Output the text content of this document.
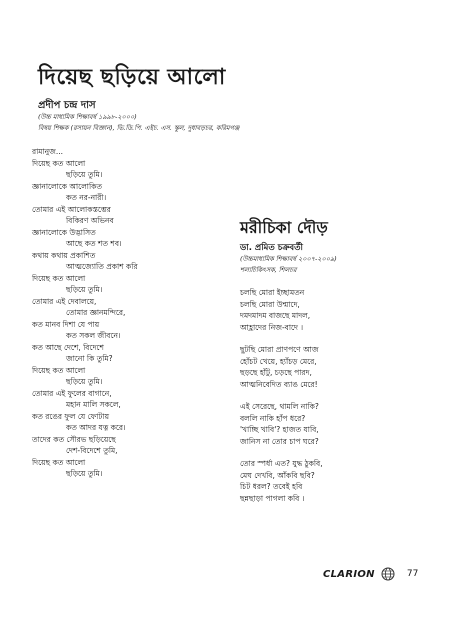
দিয়েছ ছড়িয়ে আলো
প্রদীপ চন্দ্র দাস
(উচ্চ মাধ্যমিক শিক্ষাবর্ষ ১৯৯৮-২০০০)
বিষয় শিক্ষক (রসায়ন বিজ্ঞান), ভি.ডি.পি. এইচ. এস. স্কুল, দুধাবড়চর, করিমগঞ্জ
রামানুজ...
দিয়েছ কত আলো
ছড়িয়ে তুমি।
জ্ঞানালোকে আলোকিত
কত নর-নারী।
তোমার এই আলোকস্তম্ভের
বিকিরণ অভিনব
জ্ঞানালোকে উদ্ভাসিত
আছে কত শত শব।
কথায় কথায় প্রকাশিত
আত্মজ্যোতি প্রকাশ করি
দিয়েছ কত আলো
ছড়িয়ে তুমি।
তোমার এই দেবালয়ে,
তোমার জ্ঞানমন্দিরে,
কত মানব দিশা যে পায়
কত সকল জীবনে।
কত আছে দেশে, বিদেশে
জানো কি তুমি?
দিয়েছ কত আলো
ছড়িয়ে তুমি।
তোমার এই ফুলের বাগানে,
মহান মালি সকলে,
কত রঙের ফুল যে ফোটায়
কত আদর যত্ন করে।
তাদের কত সৌরভ ছড়িয়েছে
দেশ-বিদেশে তুমি,
দিয়েছ কত আলো
ছড়িয়ে তুমি।
মরীচিকা দৌড়
ডা. প্রমিত চক্রবর্তী
(উচ্চমাধ্যমিক শিক্ষাবর্ষ ২০০৭-২০০৯)
শল্যচিকিৎসক, শিলচর
চলছি মোরা ইচ্ছামতন
চলছি মোরা উন্মাদে,
দমদমাদম বাজছে মাদল,
আহ্লাদের নিজ-বাদে ।
ছুটছি মোরা প্রাণপণে আজ
হোঁচট খেয়ে, হ্যাঁচড় মেরে,
ছড়ছে হাঁটু, চড়ছে পারদ,
আত্মনিবেদিত ব্যাঙ মেরে!
এই সেরেছে, থামলি নাকি?
বললি নাকি হাঁপ ধরে?
'খাচ্ছি খাবি'? হাজত যাবি,
জানিস না তোর চাপ ঘরে?
তোর স্পর্ধা এত? যুদ্ধ ঠুকবি,
মেঘ দেখবি, আঁকবি ছবি?
চিট ধরল? তবেই হবি
ছন্নছাড়া পাগলা কবি ।
CLARION	77
